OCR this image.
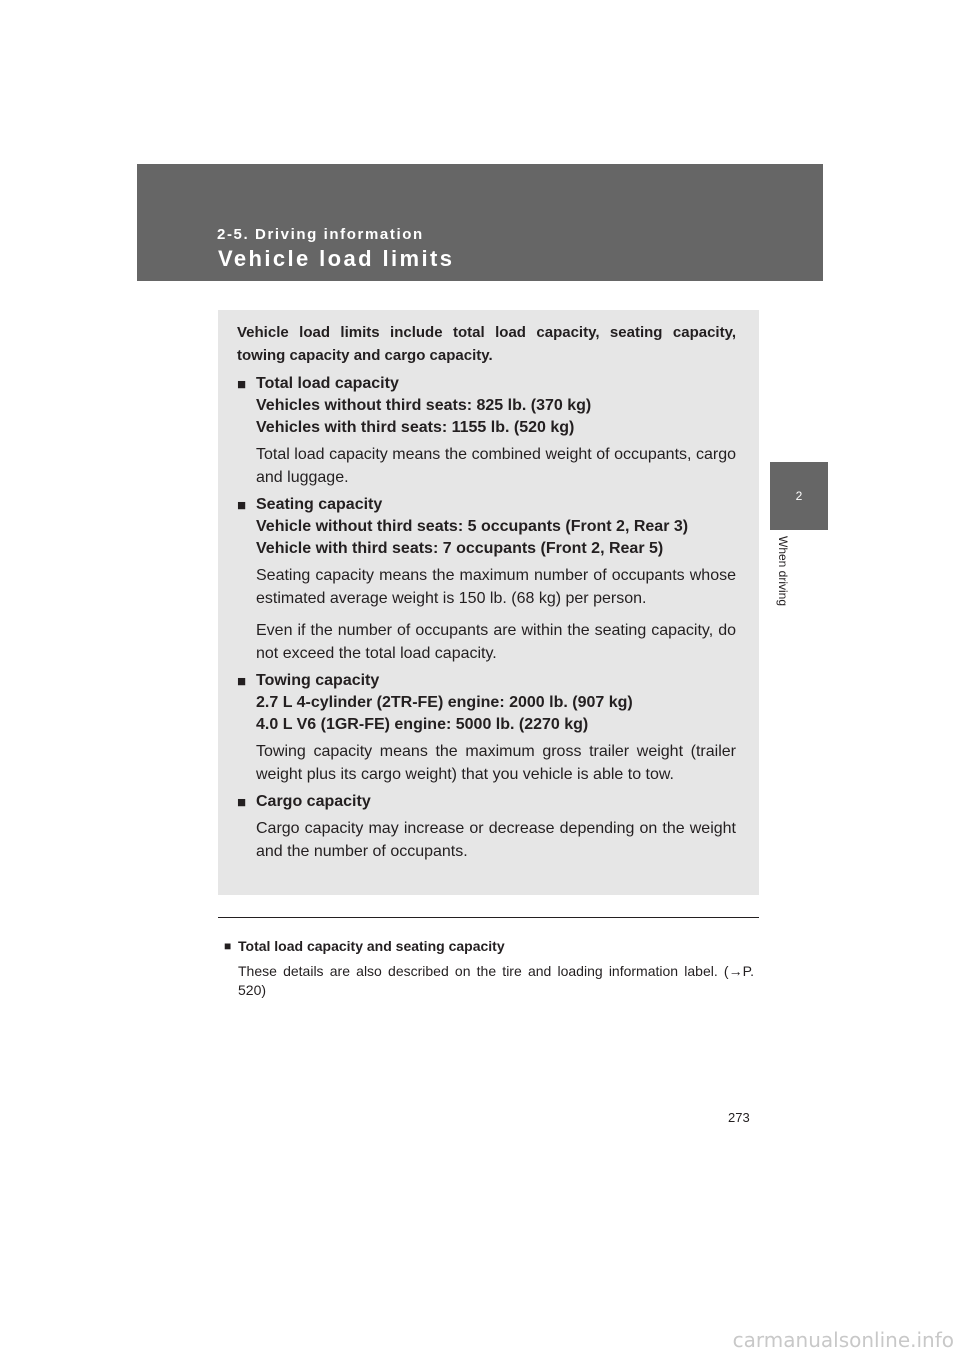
2-5. Driving information
Vehicle load limits
2
When driving

Vehicle load limits include total load capacity, seating capacity, towing capacity and cargo capacity.

■ Total load capacity
Vehicles without third seats: 825 lb. (370 kg)
Vehicles with third seats: 1155 lb. (520 kg)
Total load capacity means the combined weight of occupants, cargo and luggage.
■ Seating capacity
Vehicle without third seats: 5 occupants (Front 2, Rear 3)
Vehicle with third seats: 7 occupants (Front 2, Rear 5)
Seating capacity means the maximum number of occupants whose estimated average weight is 150 lb. (68 kg) per person.
Even if the number of occupants are within the seating capacity, do not exceed the total load capacity.
■ Towing capacity
2.7 L 4-cylinder (2TR-FE) engine: 2000 lb. (907 kg)
4.0 L V6 (1GR-FE) engine: 5000 lb. (2270 kg)
Towing capacity means the maximum gross trailer weight (trailer weight plus its cargo weight) that you vehicle is able to tow.
■ Cargo capacity
Cargo capacity may increase or decrease depending on the weight and the number of occupants.
■ Total load capacity and seating capacity
These details are also described on the tire and loading information label. (→P. 520)
273
carmanualsonline.info
